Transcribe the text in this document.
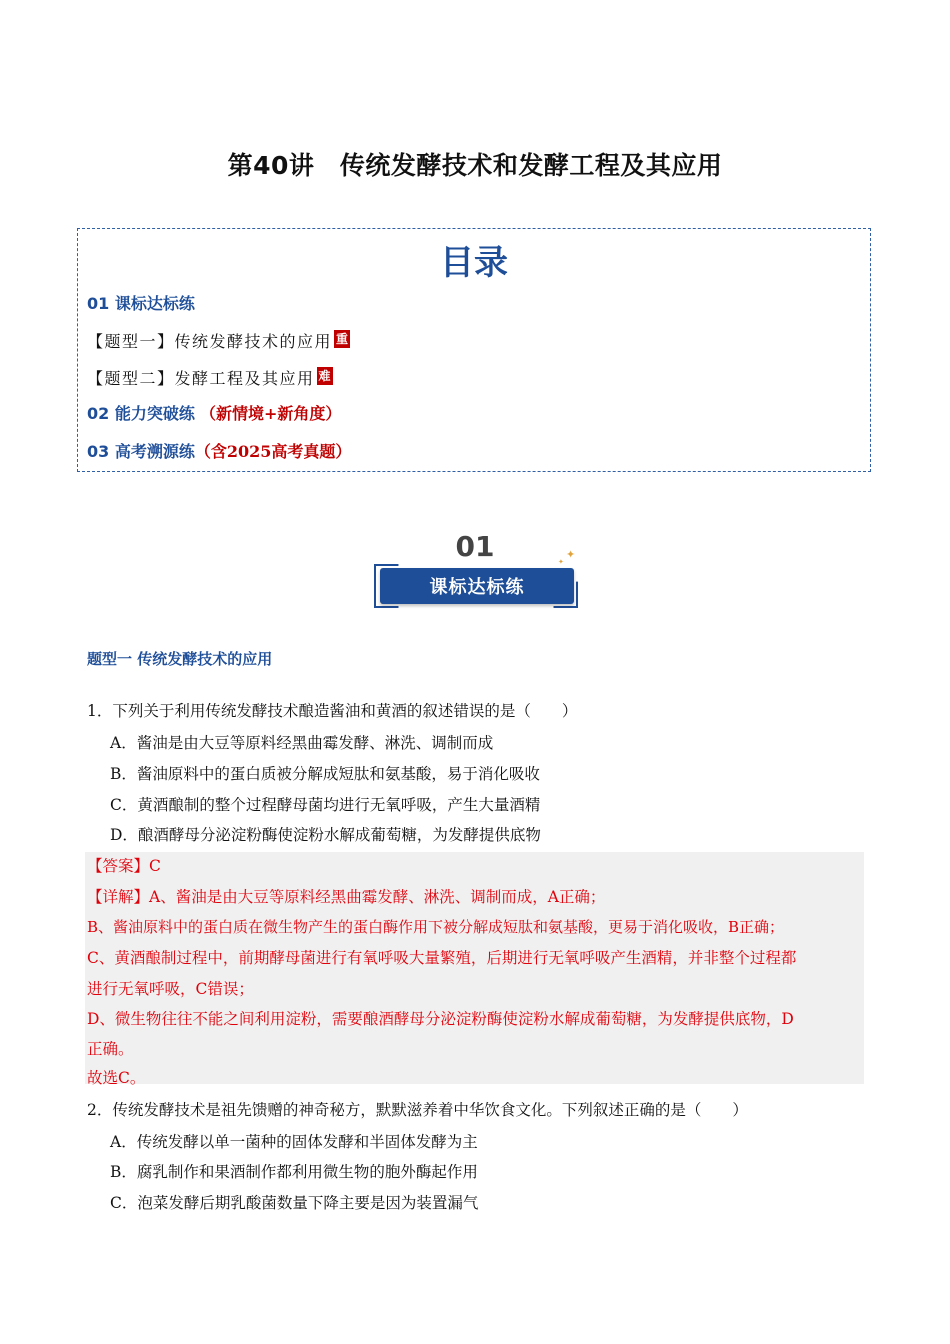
第40讲　传统发酵技术和发酵工程及其应用
目录
01 课标达标练
【题型一】传统发酵技术的应用 重
【题型二】发酵工程及其应用 难
02 能力突破练 （新情境+新角度）
03 高考溯源练（含2025高考真题）
01
课标达标练
✦
✦
题型一 传统发酵技术的应用
1．下列关于利用传统发酵技术酿造酱油和黄酒的叙述错误的是（　　）
A．酱油是由大豆等原料经黑曲霉发酵、淋洗、调制而成
B．酱油原料中的蛋白质被分解成短肽和氨基酸，易于消化吸收
C．黄酒酿制的整个过程酵母菌均进行无氧呼吸，产生大量酒精
D．酿酒酵母分泌淀粉酶使淀粉水解成葡萄糖，为发酵提供底物
【答案】C
【详解】A、酱油是由大豆等原料经黑曲霉发酵、淋洗、调制而成，A正确；
B、酱油原料中的蛋白质在微生物产生的蛋白酶作用下被分解成短肽和氨基酸，更易于消化吸收，B正确；
C、黄酒酿制过程中，前期酵母菌进行有氧呼吸大量繁殖，后期进行无氧呼吸产生酒精，并非整个过程都
进行无氧呼吸，C错误；
D、微生物往往不能之间利用淀粉，需要酿酒酵母分泌淀粉酶使淀粉水解成葡萄糖，为发酵提供底物，D
正确。
故选C。
2．传统发酵技术是祖先馈赠的神奇秘方，默默滋养着中华饮食文化。下列叙述正确的是（　　）
A．传统发酵以单一菌种的固体发酵和半固体发酵为主
B．腐乳制作和果酒制作都利用微生物的胞外酶起作用
C．泡菜发酵后期乳酸菌数量下降主要是因为装置漏气
